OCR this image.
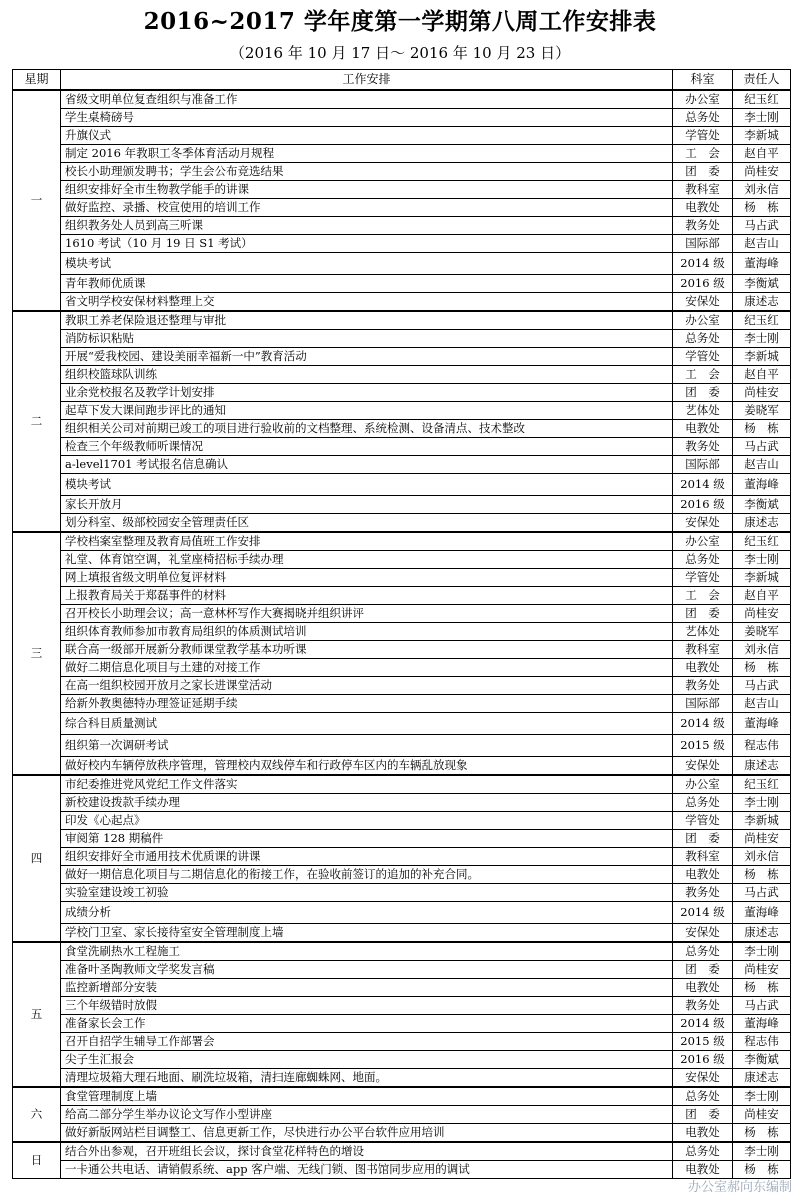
2016~2017 学年度第一学期第八周工作安排表
（2016 年 10 月 17 日～ 2016 年 10 月 23 日）
星期	工作安排	科室	责任人
一	省级文明单位复查组织与准备工作	办公室	纪玉红
	学生桌椅磅号	总务处	李士刚
	升旗仪式	学管处	李新城
	制定 2016 年教职工冬季体育活动月规程	工　会	赵自平
	校长小助理颁发聘书；学生会公布竞选结果	团　委	尚桂安
	组织安排好全市生物教学能手的讲课	教科室	刘永信
	做好监控、录播、校宣使用的培训工作	电教处	杨　栋
	组织教务处人员到高三听课	教务处	马占武
	1610 考试（10 月 19 日 S1 考试）	国际部	赵吉山
	模块考试	2014 级	董海峰
	青年教师优质课	2016 级	李衡斌
	省文明学校安保材料整理上交	安保处	康述志
二	教职工养老保险退还整理与审批	办公室	纪玉红
	消防标识粘贴	总务处	李士刚
	开展“爱我校园、建设美丽幸福新一中”教育活动	学管处	李新城
	组织校篮球队训练	工　会	赵自平
	业余党校报名及教学计划安排	团　委	尚桂安
	起草下发大课间跑步评比的通知	艺体处	姜晓军
	组织相关公司对前期已竣工的项目进行验收前的文档整理、系统检测、设备清点、技术整改	电教处	杨　栋
	检查三个年级教师听课情况	教务处	马占武
	a-level1701 考试报名信息确认	国际部	赵吉山
	模块考试	2014 级	董海峰
	家长开放月	2016 级	李衡斌
	划分科室、级部校园安全管理责任区	安保处	康述志
三	学校档案室整理及教育局值班工作安排	办公室	纪玉红
	礼堂、体育馆空调，礼堂座椅招标手续办理	总务处	李士刚
	网上填报省级文明单位复评材料	学管处	李新城
	上报教育局关于郑磊事件的材料	工　会	赵自平
	召开校长小助理会议；高一意林杯写作大赛揭晓并组织讲评	团　委	尚桂安
	组织体育教师参加市教育局组织的体质测试培训	艺体处	姜晓军
	联合高一级部开展新分教师课堂教学基本功听课	教科室	刘永信
	做好二期信息化项目与土建的对接工作	电教处	杨　栋
	在高一组织校园开放月之家长进课堂活动	教务处	马占武
	给新外教奥德特办理签证延期手续	国际部	赵吉山
	综合科目质量测试	2014 级	董海峰
	组织第一次调研考试	2015 级	程志伟
	做好校内车辆停放秩序管理，管理校内双线停车和行政停车区内的车辆乱放现象	安保处	康述志
四	市纪委推进党风党纪工作文件落实	办公室	纪玉红
	新校建设拨款手续办理	总务处	李士刚
	印发《心起点》	学管处	李新城
	审阅第 128 期稿件	团　委	尚桂安
	组织安排好全市通用技术优质课的讲课	教科室	刘永信
	做好一期信息化项目与二期信息化的衔接工作，在验收前签订的追加的补充合同。	电教处	杨　栋
	实验室建设竣工初验	教务处	马占武
	成绩分析	2014 级	董海峰
	学校门卫室、家长接待室安全管理制度上墙	安保处	康述志
五	食堂洗刷热水工程施工	总务处	李士刚
	准备叶圣陶教师文学奖发言稿	团　委	尚桂安
	监控新增部分安装	电教处	杨　栋
	三个年级错时放假	教务处	马占武
	准备家长会工作	2014 级	董海峰
	召开自招学生辅导工作部署会	2015 级	程志伟
	尖子生汇报会	2016 级	李衡斌
	清理垃圾箱大理石地面、刷洗垃圾箱，清扫连廊蜘蛛网、地面。	安保处	康述志
六	食堂管理制度上墙	总务处	李士刚
	给高二部分学生举办议论文写作小型讲座	团　委	尚桂安
	做好新版网站栏目调整工、信息更新工作，尽快进行办公平台软件应用培训	电教处	杨　栋
日	结合外出参观，召开班组长会议，探讨食堂花样特色的增设	总务处	李士刚
	一卡通公共电话、请销假系统、app 客户端、无线门锁、图书馆同步应用的调试	电教处	杨　栋
办公室郝向东编制
